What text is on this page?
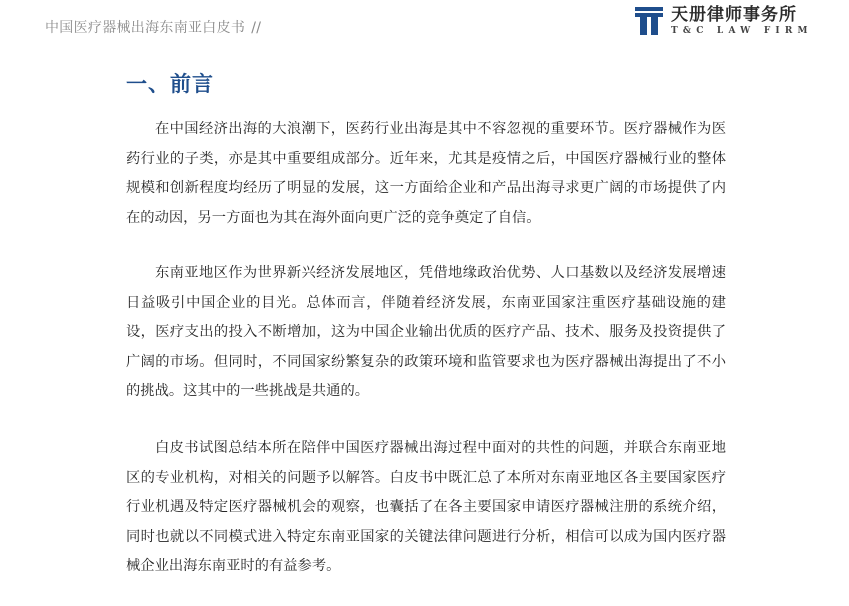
中国医疗器械出海东南亚白皮书 //
天册律师事务所
T&C LAW FIRM
一、前言

在中国经济出海的大浪潮下，医药行业出海是其中不容忽视的重要环节。医疗器械作为医药行业的子类，亦是其中重要组成部分。近年来，尤其是疫情之后，中国医疗器械行业的整体规模和创新程度均经历了明显的发展，这一方面给企业和产品出海寻求更广阔的市场提供了内在的动因，另一方面也为其在海外面向更广泛的竞争奠定了自信。

东南亚地区作为世界新兴经济发展地区，凭借地缘政治优势、人口基数以及经济发展增速日益吸引中国企业的目光。总体而言，伴随着经济发展，东南亚国家注重医疗基础设施的建设，医疗支出的投入不断增加，这为中国企业输出优质的医疗产品、技术、服务及投资提供了广阔的市场。但同时，不同国家纷繁复杂的政策环境和监管要求也为医疗器械出海提出了不小的挑战。这其中的一些挑战是共通的。

白皮书试图总结本所在陪伴中国医疗器械出海过程中面对的共性的问题，并联合东南亚地区的专业机构，对相关的问题予以解答。白皮书中既汇总了本所对东南亚地区各主要国家医疗行业机遇及特定医疗器械机会的观察，也囊括了在各主要国家申请医疗器械注册的系统介绍，同时也就以不同模式进入特定东南亚国家的关键法律问题进行分析，相信可以成为国内医疗器械企业出海东南亚时的有益参考。
